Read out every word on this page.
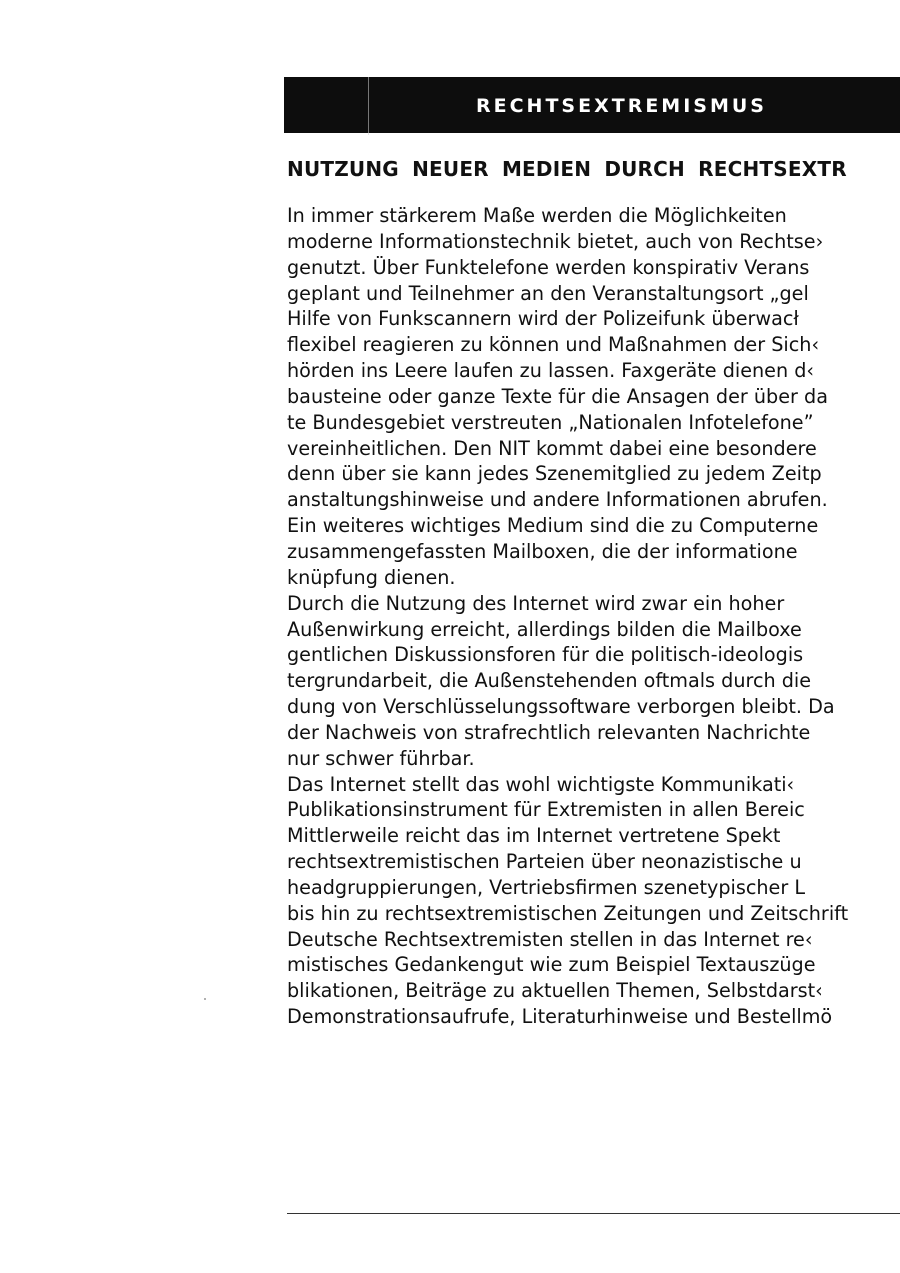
RECHTSEXTREMISMUS
NUTZUNG NEUER MEDIEN DURCH RECHTSEXTR
In immer stärkerem Maße werden die Möglichkeiten
moderne Informationstechnik bietet, auch von Rechtse›
genutzt. Über Funktelefone werden konspirativ Verans
geplant und Teilnehmer an den Veranstaltungsort „gel
Hilfe von Funkscannern wird der Polizeifunk überwacł
flexibel reagieren zu können und Maßnahmen der Sich‹
hörden ins Leere laufen zu lassen. Faxgeräte dienen d‹
bausteine oder ganze Texte für die Ansagen der über da
te Bundesgebiet verstreuten „Nationalen Infotelefone”
vereinheitlichen. Den NIT kommt dabei eine besondere
denn über sie kann jedes Szenemitglied zu jedem Zeitp
anstaltungshinweise und andere Informationen abrufen.
Ein weiteres wichtiges Medium sind die zu Computerne
zusammengefassten Mailboxen, die der informatione
knüpfung dienen.
Durch die Nutzung des Internet wird zwar ein hoher
Außenwirkung erreicht, allerdings bilden die Mailboxe
gentlichen Diskussionsforen für die politisch-ideologis
tergrundarbeit, die Außenstehenden oftmals durch die
dung von Verschlüsselungssoftware verborgen bleibt. Da
der Nachweis von strafrechtlich relevanten Nachrichte
nur schwer führbar.
Das Internet stellt das wohl wichtigste Kommunikati‹
Publikationsinstrument für Extremisten in allen Bereic
Mittlerweile reicht das im Internet vertretene Spekt
rechtsextremistischen Parteien über neonazistische u
headgruppierungen, Vertriebsfirmen szenetypischer L
bis hin zu rechtsextremistischen Zeitungen und Zeitschrift
Deutsche Rechtsextremisten stellen in das Internet re‹
mistisches Gedankengut wie zum Beispiel Textauszüge
blikationen, Beiträge zu aktuellen Themen, Selbstdarst‹
Demonstrationsaufrufe, Literaturhinweise und Bestellmö
